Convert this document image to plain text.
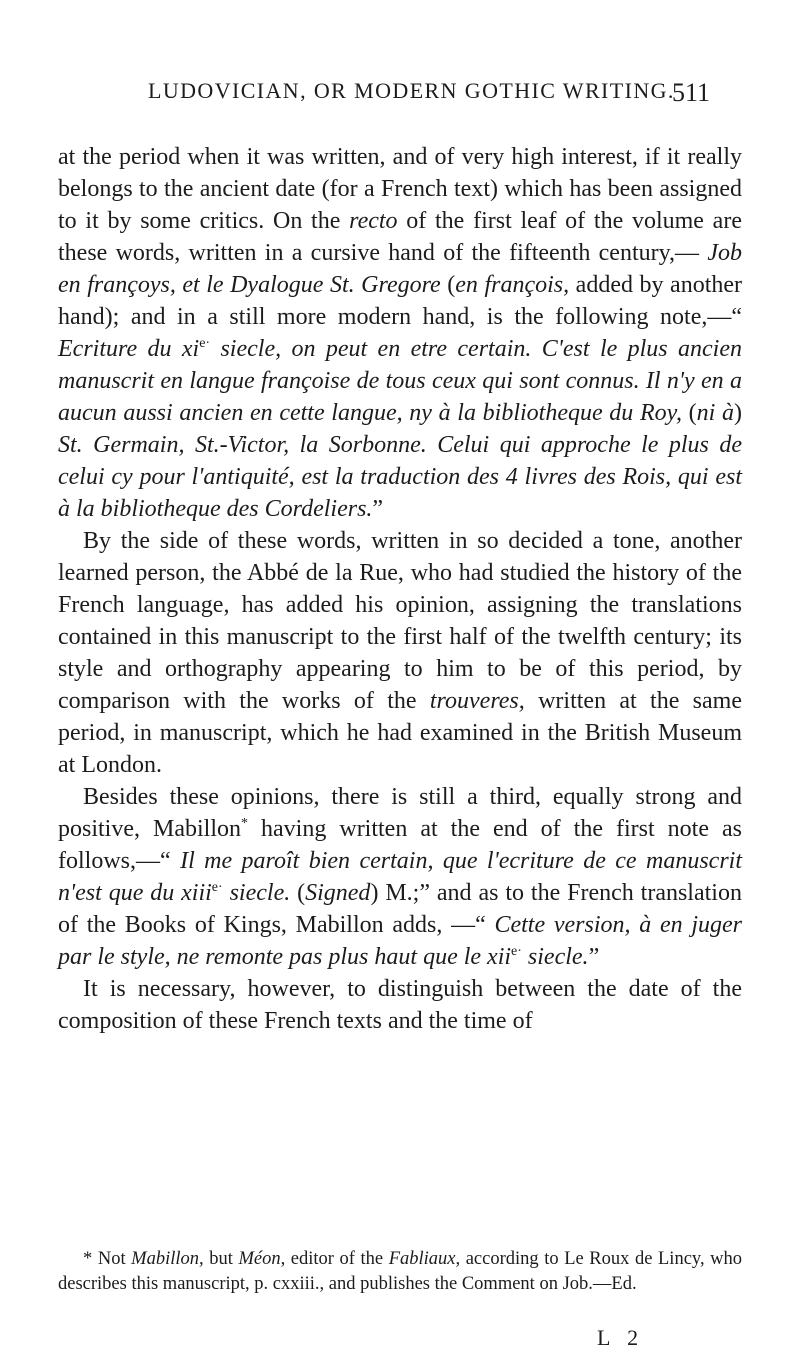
LUDOVICIAN, OR MODERN GOTHIC WRITING.
511

at the period when it was written, and of very high interest, if it really belongs to the ancient date (for a French text) which has been assigned to it by some critics. On the recto of the first leaf of the volume are these words, written in a cursive hand of the fifteenth century,— Job en françoys, et le Dyalogue St. Gregore (en françois, added by another hand); and in a still more modern hand, is the following note,—“ Ecriture du $xi^{e\cdot}$ siecle, on peut en etre certain. C'est le plus ancien manuscrit en langue françoise de tous ceux qui sont connus. Il n'y en a aucun aussi ancien en cette langue, ny à la bibliotheque du Roy, (ni à) St. Germain, St.-Victor, la Sorbonne. Celui qui approche le plus de celui cy pour l'antiquité, est la traduction des 4 livres des Rois, qui est à la bibliotheque des Cordeliers.”

By the side of these words, written in so decided a tone, another learned person, the Abbé de la Rue, who had studied the history of the French language, has added his opinion, assigning the translations contained in this manuscript to the first half of the twelfth century; its style and orthography appearing to him to be of this period, by comparison with the works of the trouveres, written at the same period, in manuscript, which he had examined in the British Museum at London.

Besides these opinions, there is still a third, equally strong and positive, Mabillon* having written at the end of the first note as follows,—“ Il me paroît bien certain, que l'ecriture de ce manuscrit n'est que du xiii$^{e\cdot}$ siecle. (Signed) M.;” and as to the French translation of the Books of Kings, Mabillon adds, —“ Cette version, à en juger par le style, ne remonte pas plus haut que le xii$^{e\cdot}$ siecle.”

It is necessary, however, to distinguish between the date of the composition of these French texts and the time of

* Not Mabillon, but Méon, editor of the Fabliaux, according to Le Roux de Lincy, who describes this manuscript, p. cxxiii., and publishes the Comment on Job.—Ed.

L 2
